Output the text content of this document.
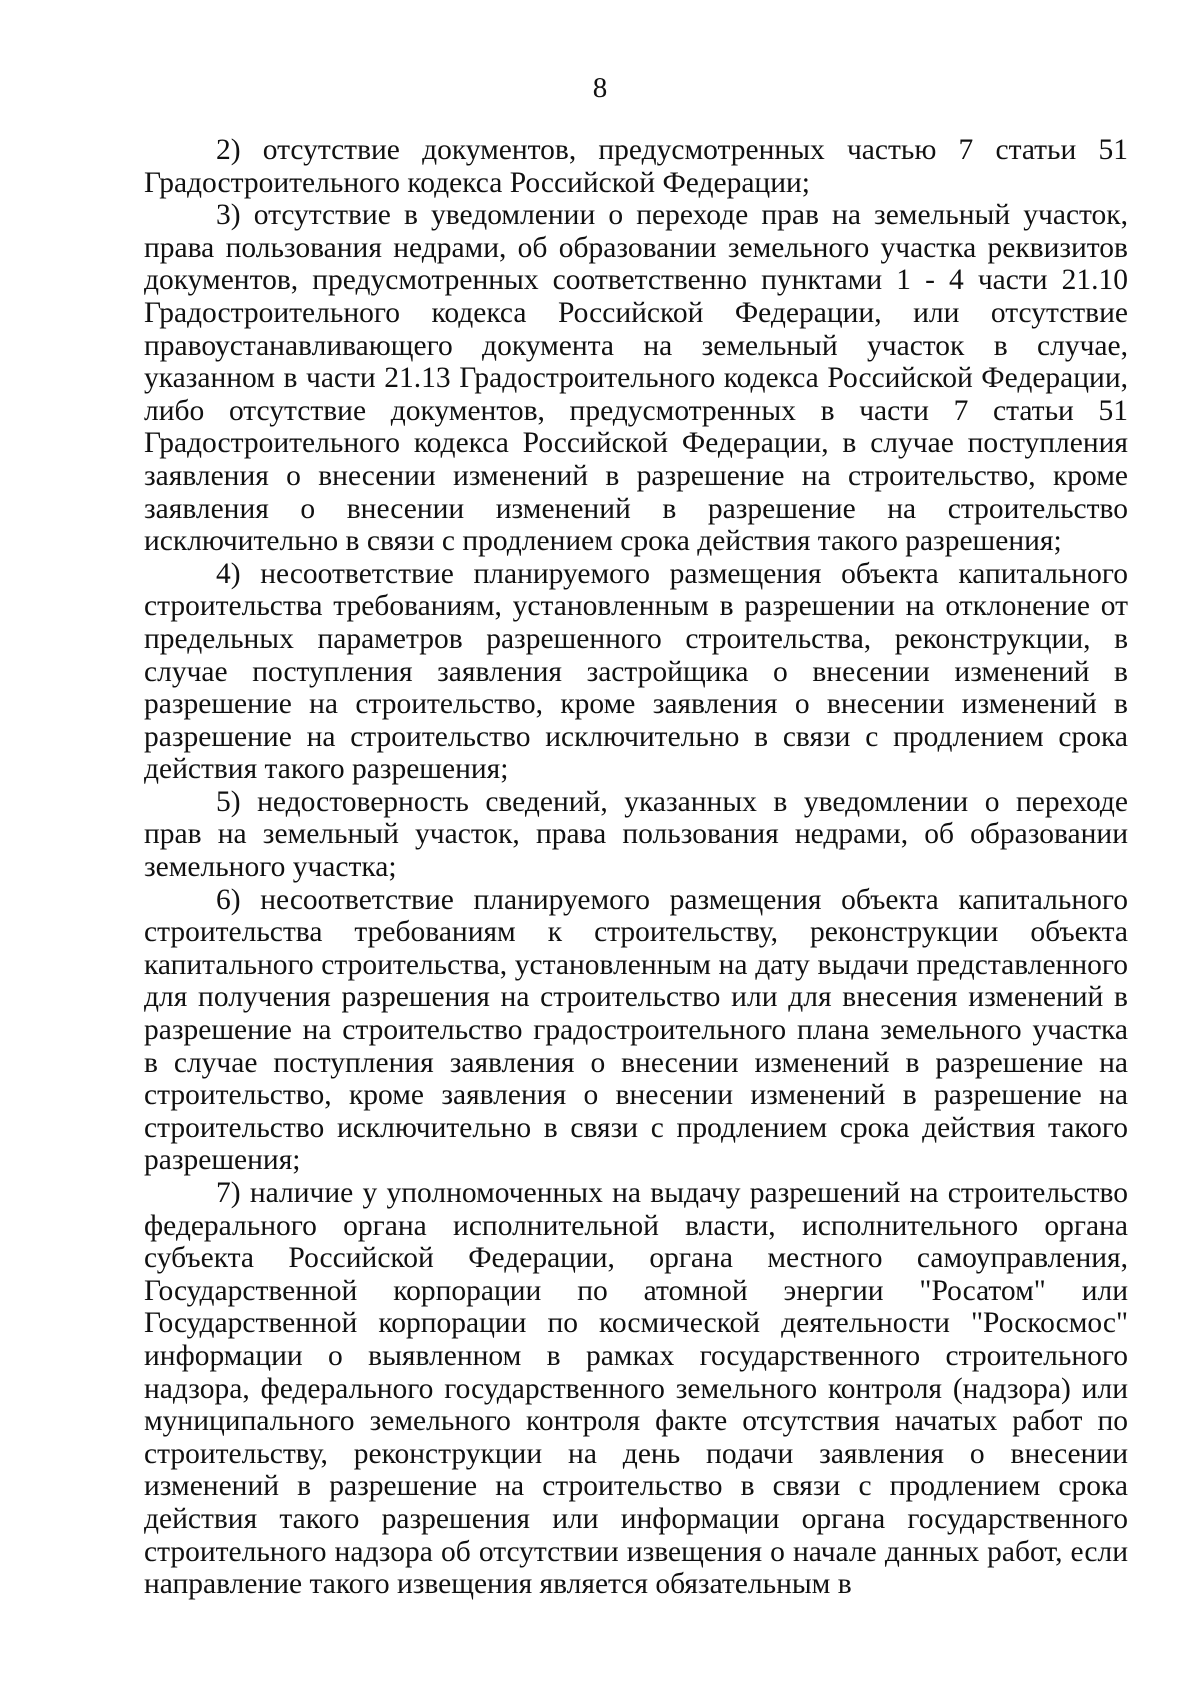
8

2) отсутствие документов, предусмотренных частью 7 статьи 51 Градостроительного кодекса Российской Федерации;

3) отсутствие в уведомлении о переходе прав на земельный участок, права пользования недрами, об образовании земельного участка реквизитов документов, предусмотренных соответственно пунктами 1 - 4 части 21.10 Градостроительного кодекса Российской Федерации, или отсутствие правоустанавливающего документа на земельный участок в случае, указанном в части 21.13 Градостроительного кодекса Российской Федерации, либо отсутствие документов, предусмотренных в части 7 статьи 51 Градостроительного кодекса Российской Федерации, в случае поступления заявления о внесении изменений в разрешение на строительство, кроме заявления о внесении изменений в разрешение на строительство исключительно в связи с продлением срока действия такого разрешения;

4) несоответствие планируемого размещения объекта капитального строительства требованиям, установленным в разрешении на отклонение от предельных параметров разрешенного строительства, реконструкции, в случае поступления заявления застройщика о внесении изменений в разрешение на строительство, кроме заявления о внесении изменений в разрешение на строительство исключительно в связи с продлением срока действия такого разрешения;

5) недостоверность сведений, указанных в уведомлении о переходе прав на земельный участок, права пользования недрами, об образовании земельного участка;

6) несоответствие планируемого размещения объекта капитального строительства требованиям к строительству, реконструкции объекта капитального строительства, установленным на дату выдачи представленного для получения разрешения на строительство или для внесения изменений в разрешение на строительство градостроительного плана земельного участка в случае поступления заявления о внесении изменений в разрешение на строительство, кроме заявления о внесении изменений в разрешение на строительство исключительно в связи с продлением срока действия такого разрешения;

7) наличие у уполномоченных на выдачу разрешений на строительство федерального органа исполнительной власти, исполнительного органа субъекта Российской Федерации, органа местного самоуправления, Государственной корпорации по атомной энергии "Росатом" или Государственной корпорации по космической деятельности "Роскосмос" информации о выявленном в рамках государственного строительного надзора, федерального государственного земельного контроля (надзора) или муниципального земельного контроля факте отсутствия начатых работ по строительству, реконструкции на день подачи заявления о внесении изменений в разрешение на строительство в связи с продлением срока действия такого разрешения или информации органа государственного строительного надзора об отсутствии извещения о начале данных работ, если направление такого извещения является обязательным в
